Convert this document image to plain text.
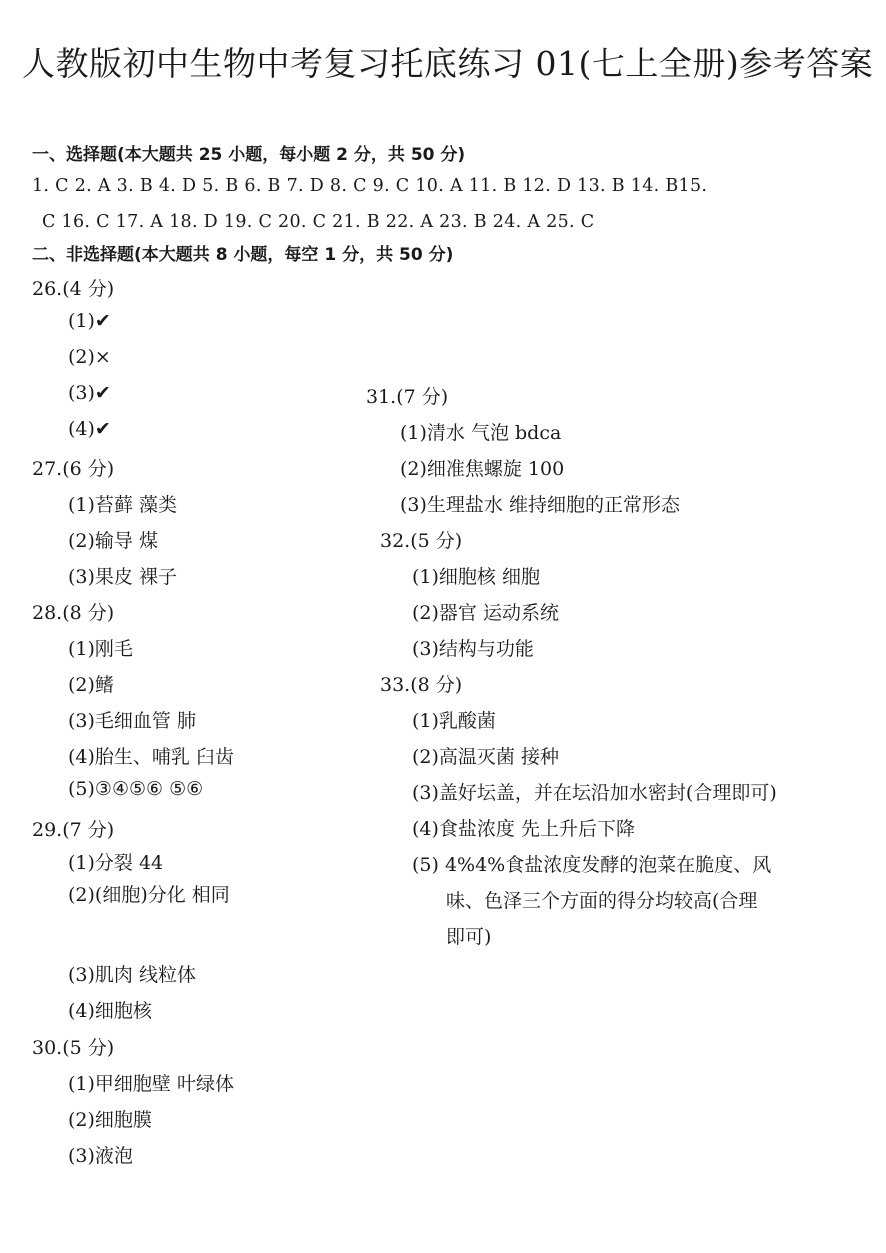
人教版初中生物中考复习托底练习 01(七上全册)参考答案
一、选择题(本大题共 25 小题，每小题 2 分，共 50 分)
1. C 2. A 3. B 4. D 5. B 6. B 7. D 8. C 9. C 10. A 11. B 12. D 13. B 14. B15.
C 16. C 17. A 18. D 19. C 20. C 21. B 22. A 23. B 24. A 25. C
二、非选择题(本大题共 8 小题，每空 1 分，共 50 分)
26.(4 分)
(1)✔
(2)×
(3)✔
(4)✔
27.(6 分)
(1)苔藓 藻类
(2)输导 煤
(3)果皮 裸子
28.(8 分)
(1)刚毛
(2)鳍
(3)毛细血管 肺
(4)胎生、哺乳 臼齿
(5)③④⑤⑥ ⑤⑥
29.(7 分)
(1)分裂 44
(2)(细胞)分化 相同
(3)肌肉 线粒体
(4)细胞核
30.(5 分)
(1)甲细胞壁 叶绿体
(2)细胞膜
(3)液泡
31.(7 分)
(1)清水 气泡 bdca
(2)细准焦螺旋 100
(3)生理盐水 维持细胞的正常形态
32.(5 分)
(1)细胞核 细胞
(2)器官 运动系统
(3)结构与功能
33.(8 分)
(1)乳酸菌
(2)高温灭菌 接种
(3)盖好坛盖，并在坛沿加水密封(合理即可)
(4)食盐浓度 先上升后下降
(5) 4%4%食盐浓度发酵的泡菜在脆度、风
味、色泽三个方面的得分均较高(合理
即可)
